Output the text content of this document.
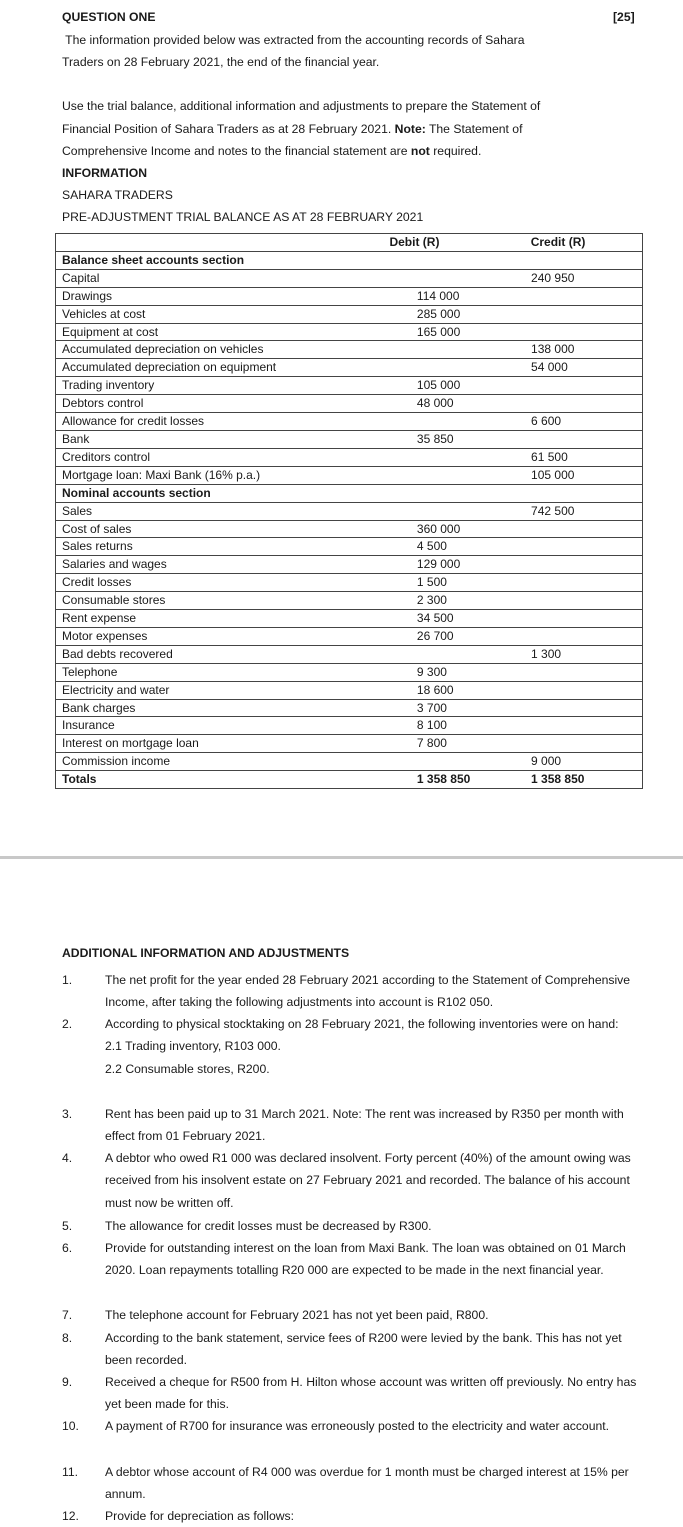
QUESTION ONE	[25]
The information provided below was extracted from the accounting records of Sahara
Traders on 28 February 2021, the end of the financial year.
Use the trial balance, additional information and adjustments to prepare the Statement of
Financial Position of Sahara Traders as at 28 February 2021. Note: The Statement of
Comprehensive Income and notes to the financial statement are not required.
INFORMATION
SAHARA TRADERS
PRE-ADJUSTMENT TRIAL BALANCE AS AT 28 FEBRUARY 2021
	Debit (R)	Credit (R)
Balance sheet accounts section		
Capital		240 950
Drawings	114 000	
Vehicles at cost	285 000	
Equipment at cost	165 000	
Accumulated depreciation on vehicles		138 000
Accumulated depreciation on equipment		54 000
Trading inventory	105 000	
Debtors control	48 000	
Allowance for credit losses		6 600
Bank	35 850	
Creditors control		61 500
Mortgage loan: Maxi Bank (16% p.a.)		105 000
Nominal accounts section		
Sales		742 500
Cost of sales	360 000	
Sales returns	4 500	
Salaries and wages	129 000	
Credit losses	1 500	
Consumable stores	2 300	
Rent expense	34 500	
Motor expenses	26 700	
Bad debts recovered		1 300
Telephone	9 300	
Electricity and water	18 600	
Bank charges	3 700	
Insurance	8 100	
Interest on mortgage loan	7 800	
Commission income		9 000
Totals	1 358 850	1 358 850
ADDITIONAL INFORMATION AND ADJUSTMENTS
1.	The net profit for the year ended 28 February 2021 according to the Statement of Comprehensive Income, after taking the following adjustments into account is R102 050.
2.	According to physical stocktaking on 28 February 2021, the following inventories were on hand:
2.1 Trading inventory, R103 000.
2.2 Consumable stores, R200.
3.	Rent has been paid up to 31 March 2021. Note: The rent was increased by R350 per month with effect from 01 February 2021.
4.	A debtor who owed R1 000 was declared insolvent. Forty percent (40%) of the amount owing was received from his insolvent estate on 27 February 2021 and recorded. The balance of his account must now be written off.
5.	The allowance for credit losses must be decreased by R300.
6.	Provide for outstanding interest on the loan from Maxi Bank. The loan was obtained on 01 March 2020. Loan repayments totalling R20 000 are expected to be made in the next financial year.
7.	The telephone account for February 2021 has not yet been paid, R800.
8.	According to the bank statement, service fees of R200 were levied by the bank. This has not yet been recorded.
9.	Received a cheque for R500 from H. Hilton whose account was written off previously. No entry has yet been made for this.
10. A payment of R700 for insurance was erroneously posted to the electricity and water account.
11.	A debtor whose account of R4 000 was overdue for 1 month must be charged interest at 15% per annum.
12. Provide for depreciation as follows:
